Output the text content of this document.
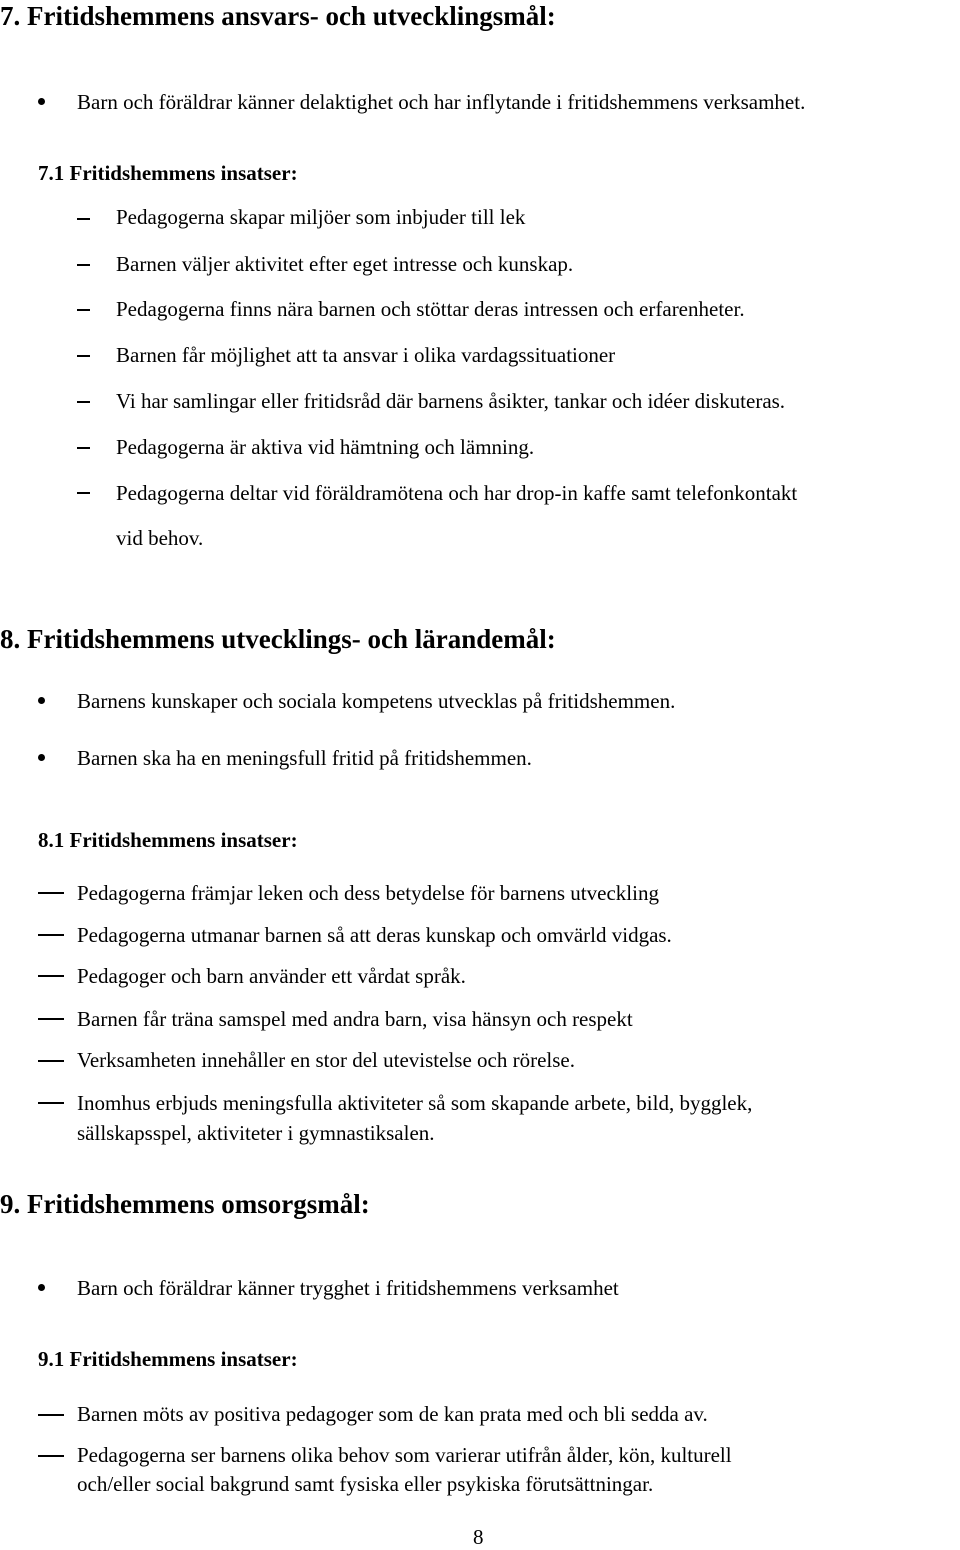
7. Fritidshemmens ansvars- och utvecklingsmål:
Barn och föräldrar känner delaktighet och har inflytande i fritidshemmens verksamhet.
7.1 Fritidshemmens insatser:
Pedagogerna skapar miljöer som inbjuder till lek
Barnen väljer aktivitet efter eget intresse och kunskap.
Pedagogerna finns nära barnen och stöttar deras intressen och erfarenheter.
Barnen får möjlighet att ta ansvar i olika vardagssituationer
Vi har samlingar eller fritidsråd där barnens åsikter, tankar och idéer diskuteras.
Pedagogerna är aktiva vid hämtning och lämning.
Pedagogerna deltar vid föräldramötena och har drop-in kaffe samt telefonkontakt
vid behov.
8. Fritidshemmens utvecklings- och lärandemål:
Barnens kunskaper och sociala kompetens utvecklas på fritidshemmen.
Barnen ska ha en meningsfull fritid på fritidshemmen.
8.1 Fritidshemmens insatser:
Pedagogerna främjar leken och dess betydelse för barnens utveckling
Pedagogerna utmanar barnen så att deras kunskap och omvärld vidgas.
Pedagoger och barn använder ett vårdat språk.
Barnen får träna samspel med andra barn, visa hänsyn och respekt
Verksamheten innehåller en stor del utevistelse och rörelse.
Inomhus erbjuds meningsfulla aktiviteter så som skapande arbete, bild, bygglek,
sällskapsspel, aktiviteter i gymnastiksalen.
9. Fritidshemmens omsorgsmål:
Barn och föräldrar känner trygghet i fritidshemmens verksamhet
9.1 Fritidshemmens insatser:
Barnen möts av positiva pedagoger som de kan prata med och bli sedda av.
Pedagogerna ser barnens olika behov som varierar utifrån ålder, kön, kulturell
och/eller social bakgrund samt fysiska eller psykiska förutsättningar.
8
